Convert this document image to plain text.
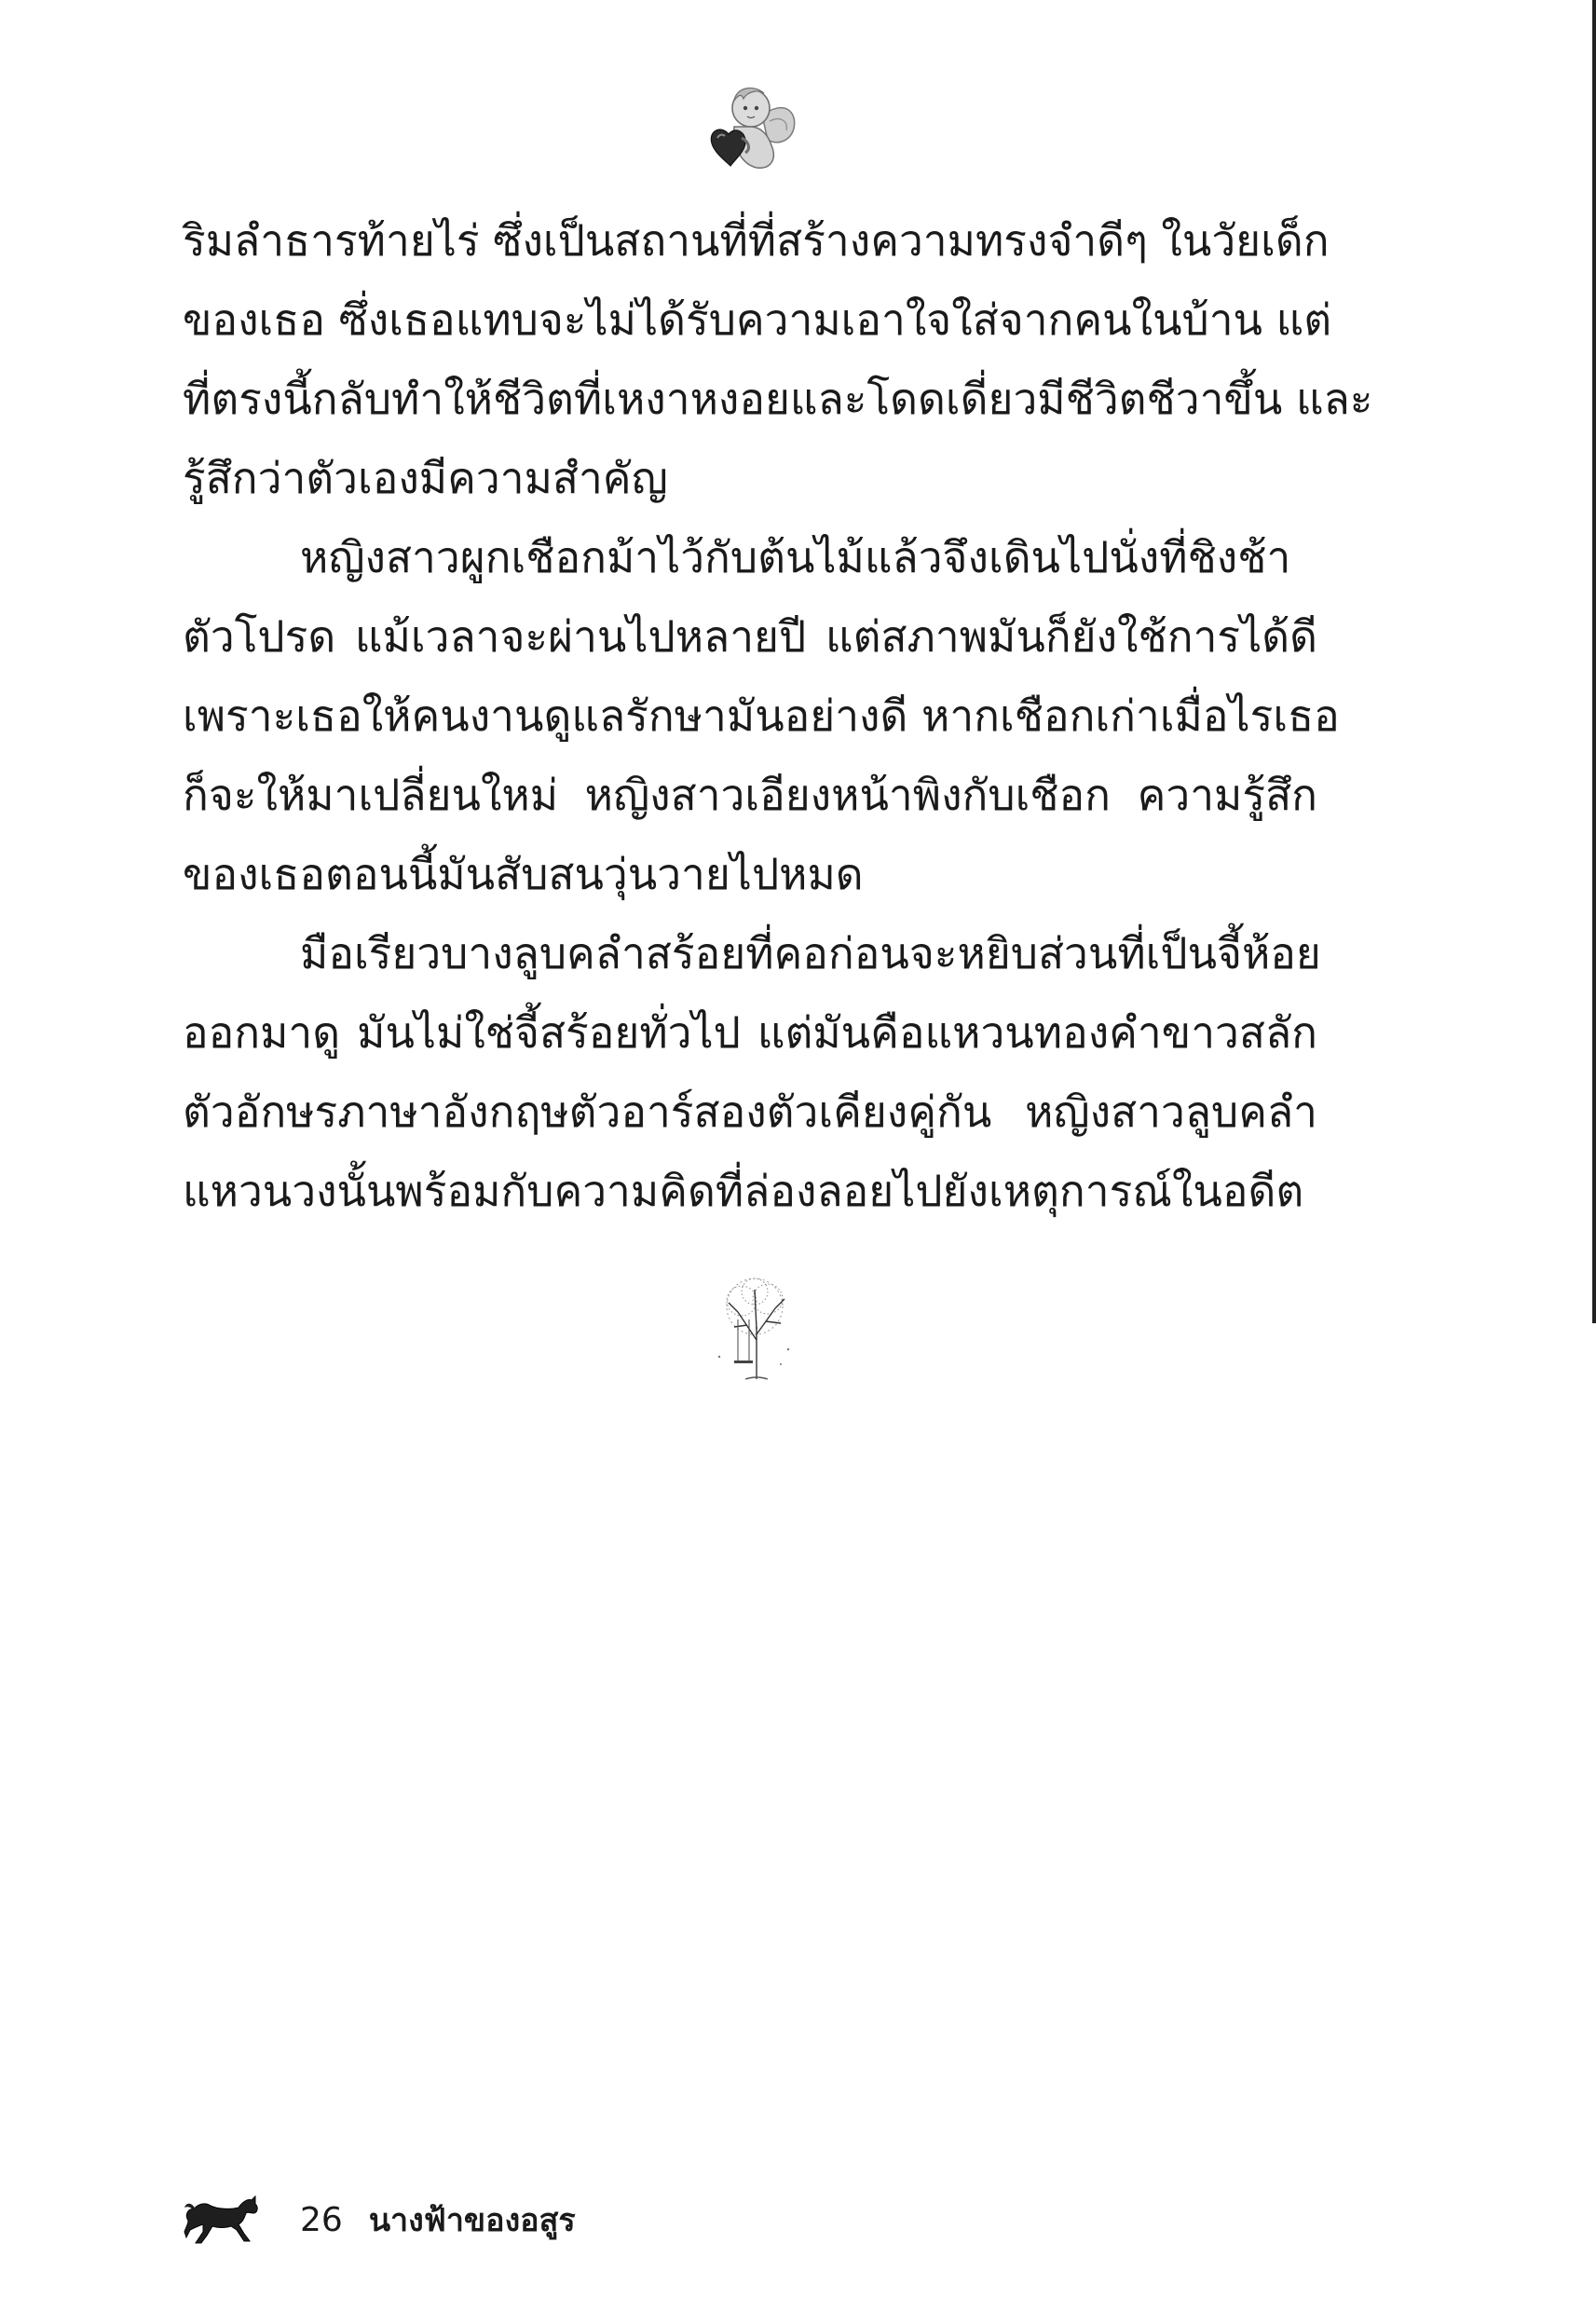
ริมลำธารท้ายไร่ ซึ่งเป็นสถานที่ที่สร้างความทรงจำดีๆ ในวัยเด็ก
ของเธอ ซึ่งเธอแทบจะไม่ได้รับความเอาใจใส่จากคนในบ้าน แต่
ที่ตรงนี้กลับทำให้ชีวิตที่เหงาหงอยและโดดเดี่ยวมีชีวิตชีวาขึ้น และ
รู้สึกว่าตัวเองมีความสำคัญ

หญิงสาวผูกเชือกม้าไว้กับต้นไม้แล้วจึงเดินไปนั่งที่ชิงช้า
ตัวโปรด แม้เวลาจะผ่านไปหลายปี แต่สภาพมันก็ยังใช้การได้ดี
เพราะเธอให้คนงานดูแลรักษามันอย่างดี หากเชือกเก่าเมื่อไรเธอ
ก็จะให้มาเปลี่ยนใหม่ หญิงสาวเอียงหน้าพิงกับเชือก ความรู้สึก
ของเธอตอนนี้มันสับสนวุ่นวายไปหมด

มือเรียวบางลูบคลำสร้อยที่คอก่อนจะหยิบส่วนที่เป็นจี้ห้อย
ออกมาดู มันไม่ใช่จี้สร้อยทั่วไป แต่มันคือแหวนทองคำขาวสลัก
ตัวอักษรภาษาอังกฤษตัวอาร์สองตัวเคียงคู่กัน หญิงสาวลูบคลำ
แหวนวงนั้นพร้อมกับความคิดที่ล่องลอยไปยังเหตุการณ์ในอดีต

26 นางฟ้าของอสูร
